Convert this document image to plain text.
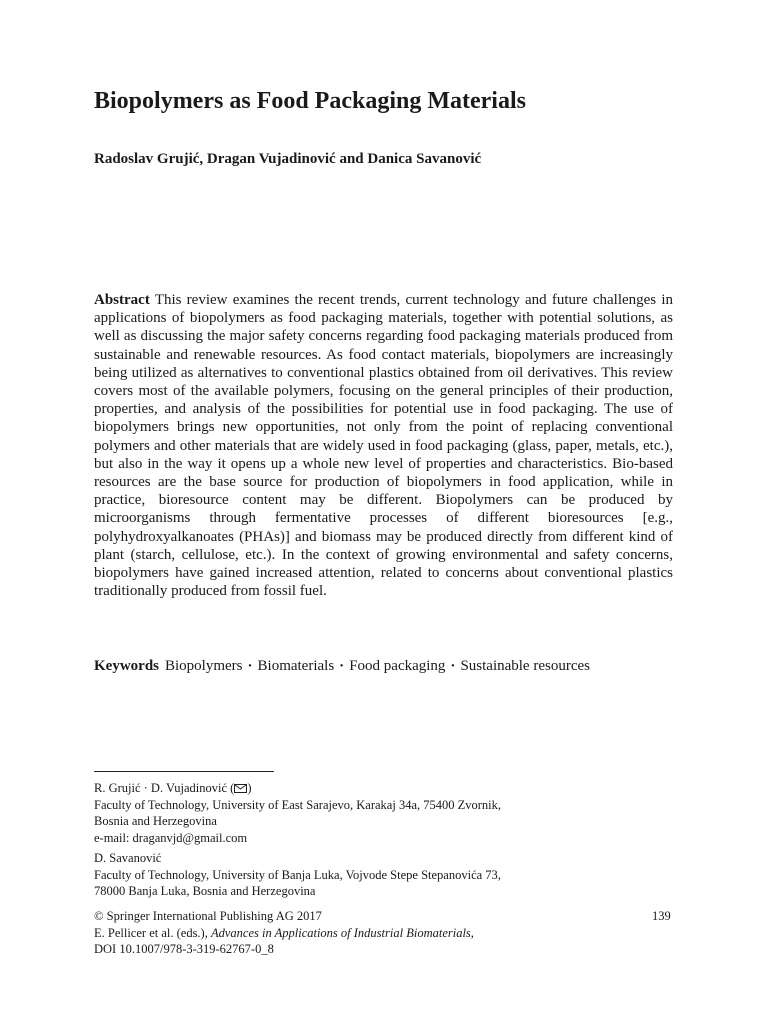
Biopolymers as Food Packaging Materials
Radoslav Grujić, Dragan Vujadinović and Danica Savanović

Abstract This review examines the recent trends, current technology and future challenges in applications of biopolymers as food packaging materials, together with potential solutions, as well as discussing the major safety concerns regarding food packaging materials produced from sustainable and renewable resources. As food contact materials, biopolymers are increasingly being utilized as alternatives to conventional plastics obtained from oil derivatives. This review covers most of the available polymers, focusing on the general principles of their production, properties, and analysis of the possibilities for potential use in food packaging. The use of biopolymers brings new opportunities, not only from the point of replacing conventional polymers and other materials that are widely used in food packaging (glass, paper, metals, etc.), but also in the way it opens up a whole new level of properties and characteristics. Bio-based resources are the base source for production of biopolymers in food application, while in practice, bioresource content may be different. Biopolymers can be produced by microorganisms through fermentative processes of different bioresources [e.g., polyhydroxyalkanoates (PHAs)] and biomass may be produced directly from different kind of plant (starch, cellulose, etc.). In the context of growing environmental and safety concerns, biopolymers have gained increased attention, related to concerns about conventional plastics traditionally produced from fossil fuel.

Keywords Biopolymers · Biomaterials · Food packaging · Sustainable resources
R. Grujić · D. Vujadinović ( )
Faculty of Technology, University of East Sarajevo, Karakaj 34a, 75400 Zvornik,
Bosnia and Herzegovina
e-mail: draganvjd@gmail.com
D. Savanović
Faculty of Technology, University of Banja Luka, Vojvode Stepe Stepanovića 73,
78000 Banja Luka, Bosnia and Herzegovina
© Springer International Publishing AG 2017
E. Pellicer et al. (eds.), Advances in Applications of Industrial Biomaterials,
DOI 10.1007/978-3-319-62767-0_8
139
